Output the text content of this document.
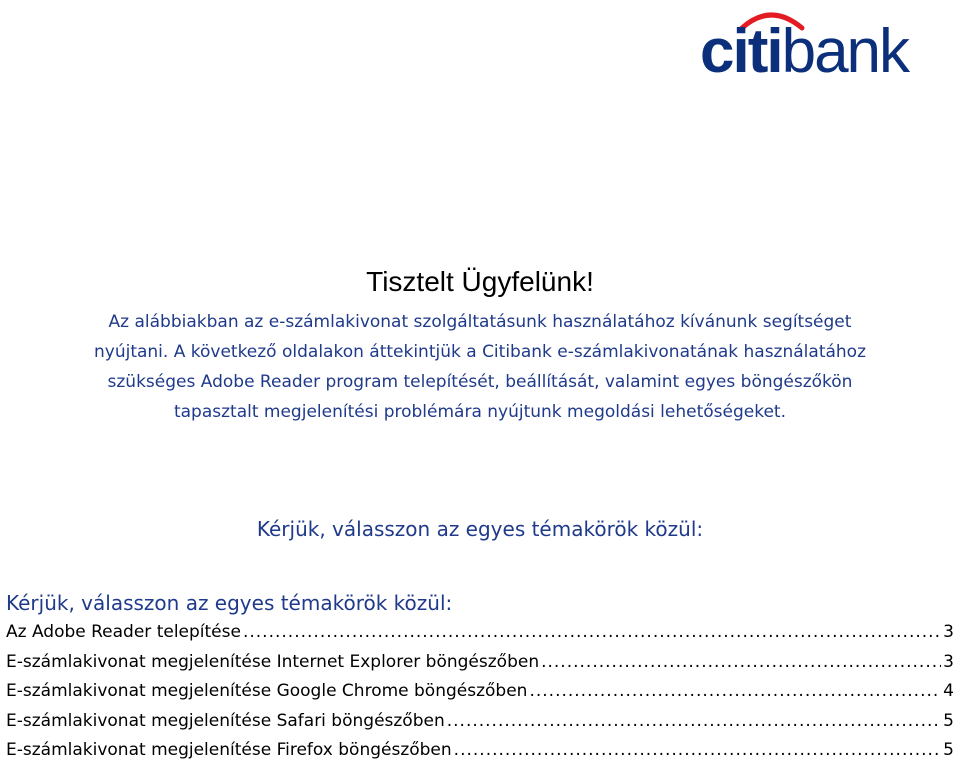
citibank
Tisztelt Ügyfelünk!
Az alábbiakban az e-számlakivonat szolgáltatásunk használatához kívánunk segítséget
nyújtani. A következő oldalakon áttekintjük a Citibank e-számlakivonatának használatához
szükséges Adobe Reader program telepítését, beállítását, valamint egyes böngészőkön
tapasztalt megjelenítési problémára nyújtunk megoldási lehetőségeket.
Kérjük, válasszon az egyes témakörök közül:
Kérjük, válasszon az egyes témakörök közül:
Az Adobe Reader telepítése .....	3
E-számlakivonat megjelenítése Internet Explorer böngészőben .....	3
E-számlakivonat megjelenítése Google Chrome böngészőben .....	4
E-számlakivonat megjelenítése Safari böngészőben .....	5
E-számlakivonat megjelenítése Firefox böngészőben .....	5
